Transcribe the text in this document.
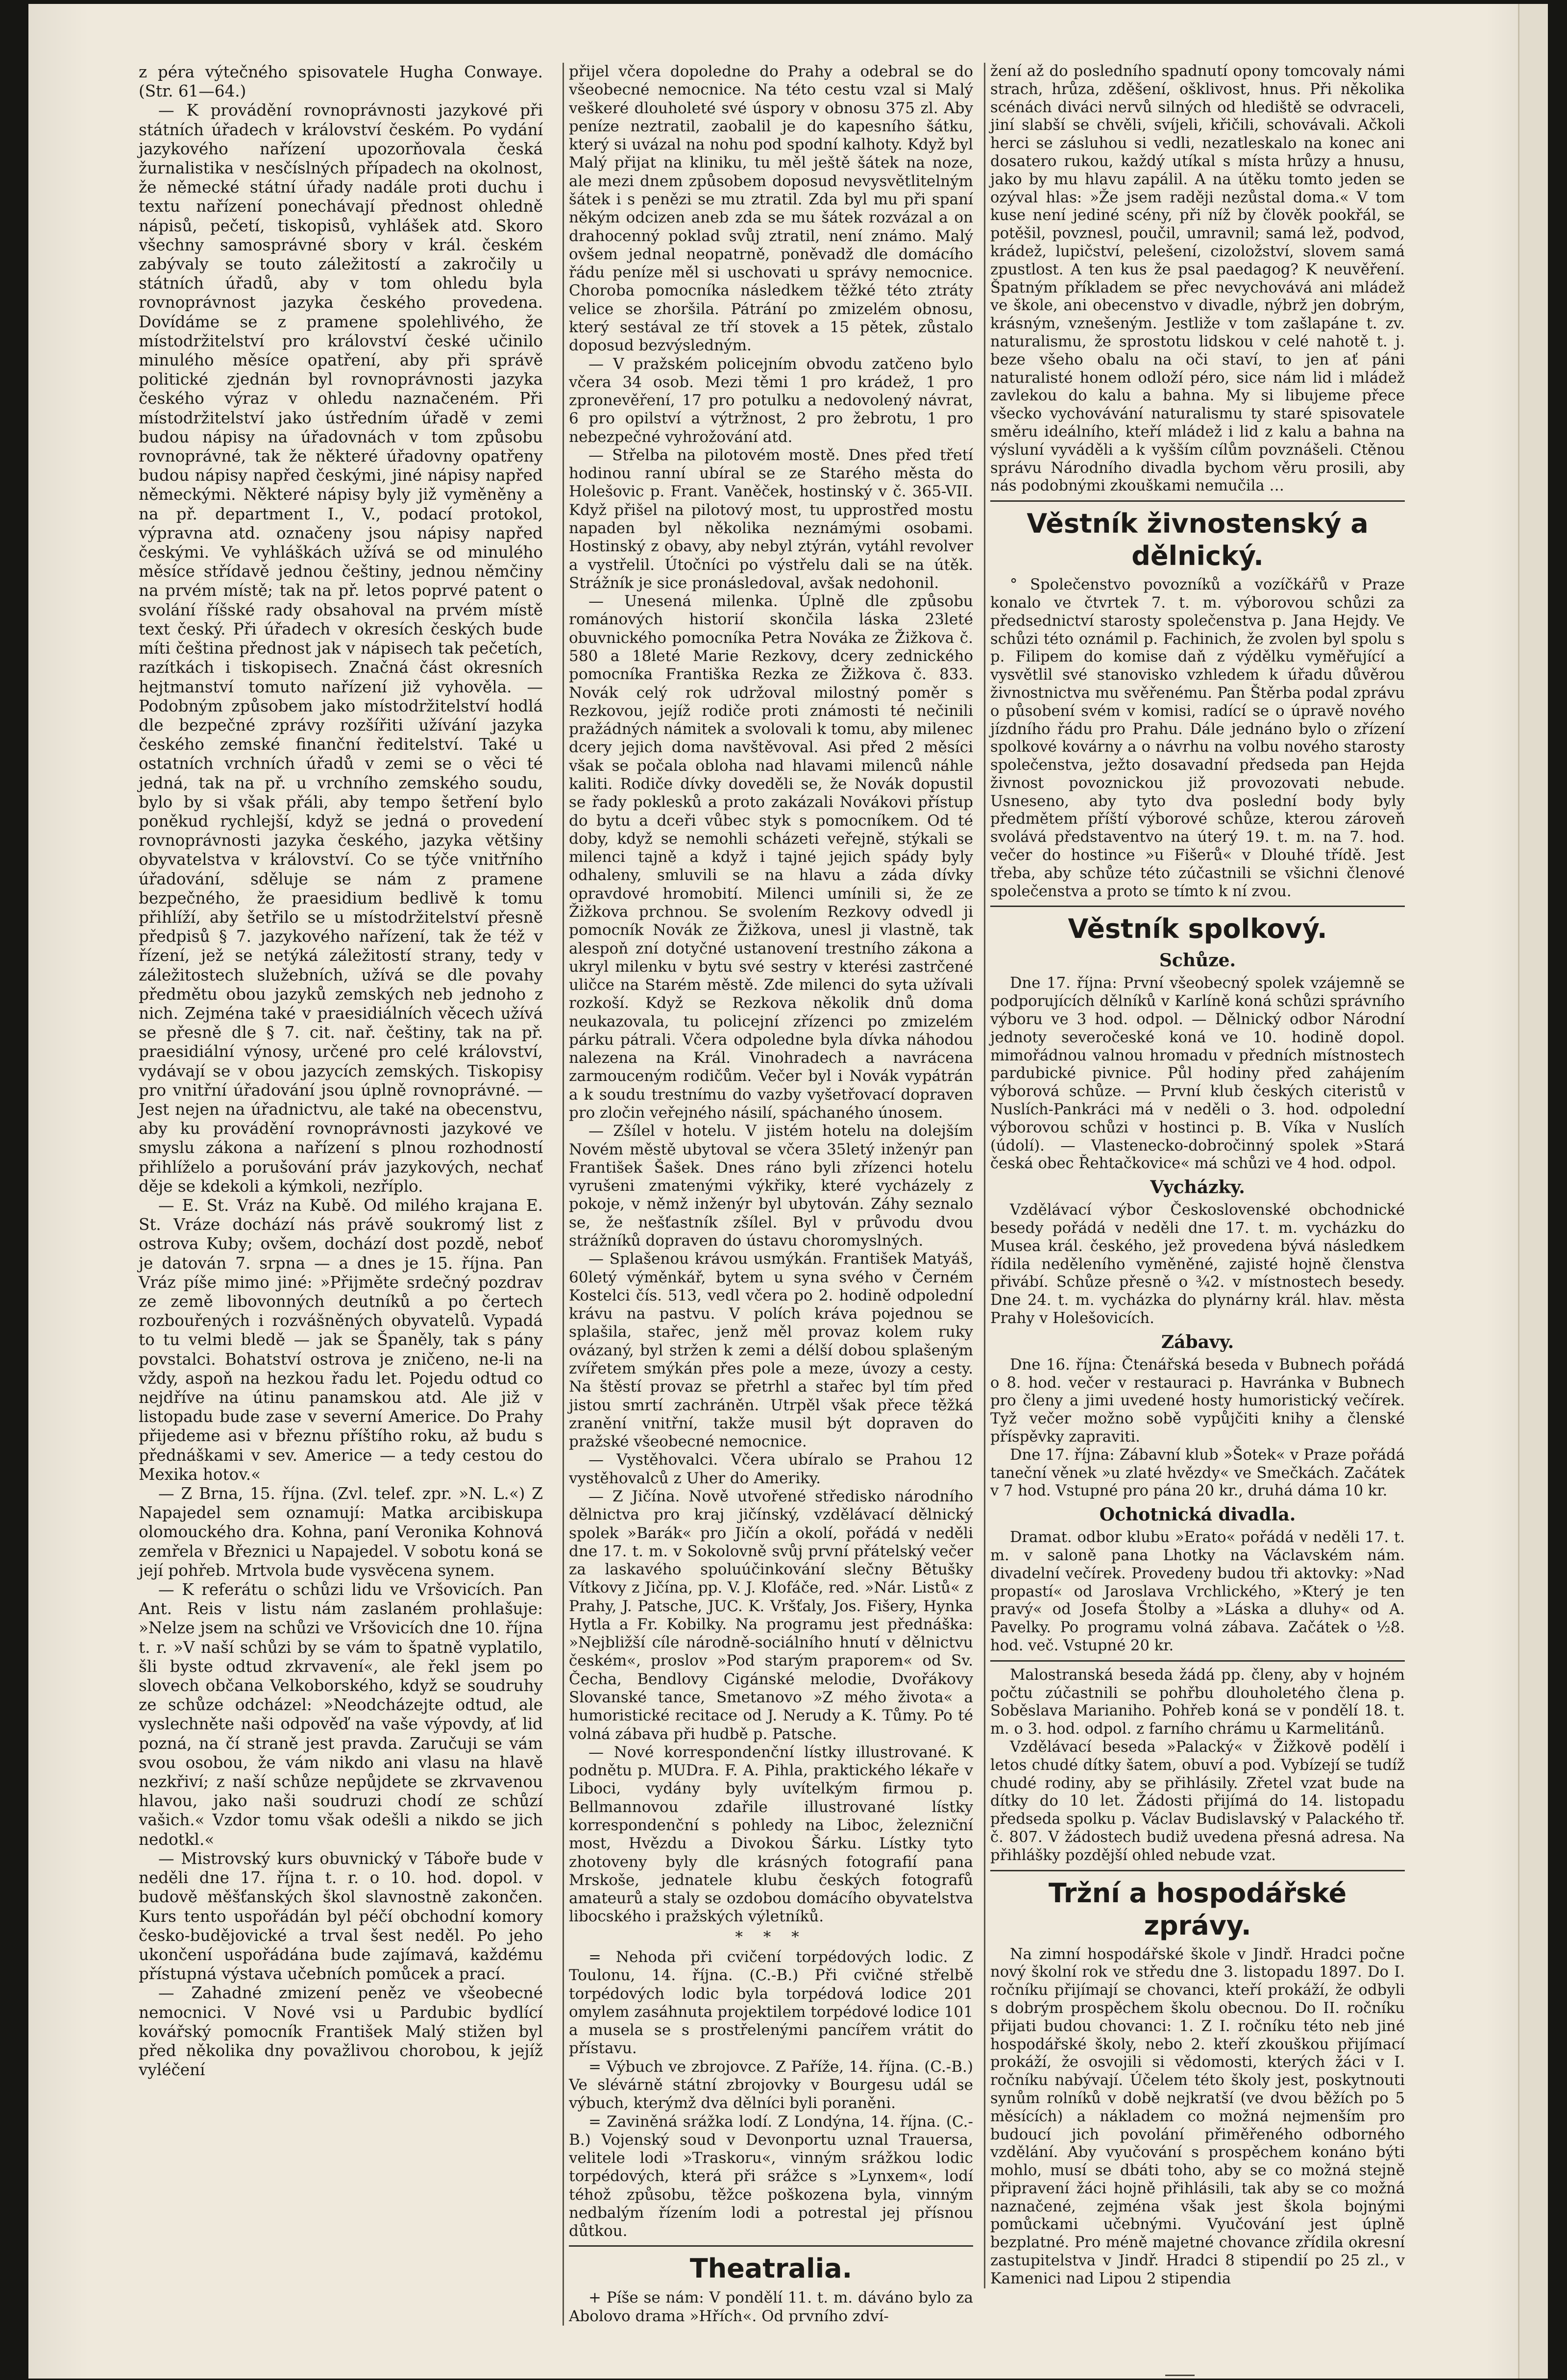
z péra výtečného spisovatele Hugha Conwaye. (Str. 61—64.)

— K provádění rovnoprávnosti jazykové při státních úřadech v království českém. Po vydání jazykového nařízení upozorňovala česká žurnalistika v nesčíslných případech na okolnost, že německé státní úřady nadále proti duchu i textu nařízení ponechávají přednost ohledně nápisů, pečetí, tiskopisů, vyhlášek atd. Skoro všechny samosprávné sbory v král. českém zabývaly se touto záležitostí a zakročily u státních úřadů, aby v tom ohledu byla rovnoprávnost jazyka českého provedena. Dovídáme se z pramene spolehlivého, že místodržitelství pro království české učinilo minulého měsíce opatření, aby při správě politické zjednán byl rovnoprávnosti jazyka českého výraz v ohledu naznačeném. Při místodržitelství jako ústředním úřadě v zemi budou nápisy na úřadovnách v tom způsobu rovnoprávné, tak že některé úřadovny opatřeny budou nápisy napřed českými, jiné nápisy napřed německými. Některé nápisy byly již vyměněny a na př. department I., V., podací protokol, výpravna atd. označeny jsou nápisy napřed českými. Ve vyhláškách užívá se od minulého měsíce střídavě jednou češtiny, jednou němčiny na prvém místě; tak na př. letos poprvé patent o svolání říšské rady obsahoval na prvém místě text český. Při úřadech v okresích českých bude míti čeština přednost jak v nápisech tak pečetích, razítkách i tiskopisech. Značná část okresních hejtmanství tomuto nařízení již vyhověla. — Podobným způsobem jako místodržitelství hodlá dle bezpečné zprávy rozšířiti užívání jazyka českého zemské finanční ředitelství. Také u ostatních vrchních úřadů v zemi se o věci té jedná, tak na př. u vrchního zemského soudu, bylo by si však přáli, aby tempo šetření bylo poněkud rychlejší, když se jedná o provedení rovnoprávnosti jazyka českého, jazyka většiny obyvatelstva v království. Co se týče vnitřního úřadování, sděluje se nám z pramene bezpečného, že praesidium bedlivě k tomu přihlíží, aby šetřilo se u místodržitelství přesně předpisů § 7. jazykového nařízení, tak že též v řízení, jež se netýká záležitostí strany, tedy v záležitostech služebních, užívá se dle povahy předmětu obou jazyků zemských neb jednoho z nich. Zejména také v praesidiálních věcech užívá se přesně dle § 7. cit. nař. češtiny, tak na př. praesidiální výnosy, určené pro celé království, vydávají se v obou jazycích zemských. Tiskopisy pro vnitřní úřadování jsou úplně rovnoprávné. — Jest nejen na úřadnictvu, ale také na obecenstvu, aby ku provádění rovnoprávnosti jazykové ve smyslu zákona a nařízení s plnou rozhodností přihlíželo a porušování práv jazykových, nechať děje se kdekoli a kýmkoli, nezříplo.

— E. St. Vráz na Kubě. Od milého krajana E. St. Vráze dochází nás právě soukromý list z ostrova Kuby; ovšem, dochází dost pozdě, neboť je datován 7. srpna — a dnes je 15. října. Pan Vráz píše mimo jiné: »Přijměte srdečný pozdrav ze země libovonných deutníků a po čertech rozbouřených i rozvášněných obyvatelů. Vypadá to tu velmi bledě — jak se Španěly, tak s pány povstalci. Bohatství ostrova je zničeno, ne-li na vždy, aspoň na hezkou řadu let. Pojedu odtud co nejdříve na útinu panamskou atd. Ale již v listopadu bude zase v severní Americe. Do Prahy přijedeme asi v březnu příštího roku, až budu s přednáškami v sev. Americe — a tedy cestou do Mexika hotov.«

— Z Brna, 15. října. (Zvl. telef. zpr. »N. L.«) Z Napajedel sem oznamují: Matka arcibiskupa olomouckého dra. Kohna, paní Veronika Kohnová zemřela v Březnici u Napajedel. V sobotu koná se její pohřeb. Mrtvola bude vysvěcena synem.

— K referátu o schůzi lidu ve Vršovicích. Pan Ant. Reis v listu nám zaslaném prohlašuje: »Nelze jsem na schůzi ve Vršovicích dne 10. října t. r. »V naší schůzi by se vám to špatně vyplatilo, šli byste odtud zkrvavení«, ale řekl jsem po slovech občana Velkoborského, když se soudruhy ze schůze odcházel: »Neodcházejte odtud, ale vyslechněte naši odpověď na vaše výpovdy, ať lid pozná, na čí straně jest pravda. Zaručuji se vám svou osobou, že vám nikdo ani vlasu na hlavě nezkřiví; z naší schůze nepůjdete se zkrvavenou hlavou, jako naši soudruzi chodí ze schůzí vašich.« Vzdor tomu však odešli a nikdo se jich nedotkl.«

— Mistrovský kurs obuvnický v Táboře bude v neděli dne 17. října t. r. o 10. hod. dopol. v budově měšťanských škol slavnostně zakončen. Kurs tento uspořádán byl péčí obchodní komory česko-budějovické a trval šest neděl. Po jeho ukončení uspořádána bude zajímavá, každému přístupná výstava učebních pomůcek a prací.

— Zahadné zmizení peněz ve všeobecné nemocnici. V Nové vsi u Pardubic bydlící kovářský pomocník František Malý stižen byl před několika dny považlivou chorobou, k jejíž vyléčení

přijel včera dopoledne do Prahy a odebral se do všeobecné nemocnice. Na této cestu vzal si Malý veškeré dlouholeté své úspory v obnosu 375 zl. Aby peníze neztratil, zaobalil je do kapesního šátku, který si uvázal na nohu pod spodní kalhoty. Když byl Malý přijat na kliniku, tu měl ještě šátek na noze, ale mezi dnem způsobem doposud nevysvětlitelným šátek i s penězi se mu ztratil. Zda byl mu při spaní někým odcizen aneb zda se mu šátek rozvázal a on drahocenný poklad svůj ztratil, není známo. Malý ovšem jednal neopatrně, poněvadž dle domácího řádu peníze měl si uschovati u správy nemocnice. Choroba pomocníka následkem těžké této ztráty velice se zhoršila. Pátrání po zmizelém obnosu, který sestával ze tří stovek a 15 pětek, zůstalo doposud bezvýsledným.

— V pražském policejním obvodu zatčeno bylo včera 34 osob. Mezi těmi 1 pro krádež, 1 pro zpronevěření, 17 pro potulku a nedovolený návrat, 6 pro opilství a výtržnost, 2 pro žebrotu, 1 pro nebezpečné vyhrožování atd.

— Střelba na pilotovém mostě. Dnes před třetí hodinou ranní ubíral se ze Starého města do Holešovic p. Frant. Vaněček, hostinský v č. 365-VII. Když přišel na pilotový most, tu upprostřed mostu napaden byl několika neznámými osobami. Hostinský z obavy, aby nebyl ztýrán, vytáhl revolver a vystřelil. Útočníci po výstřelu dali se na útěk. Strážník je sice pronásledoval, avšak nedohonil.

— Unesená milenka. Úplně dle způsobu románových historií skončila láska 23leté obuvnického pomocníka Petra Nováka ze Žižkova č. 580 a 18leté Marie Rezkovy, dcery zednického pomocníka Františka Rezka ze Žižkova č. 833. Novák celý rok udržoval milostný poměr s Rezkovou, jejíž rodiče proti známosti té nečinili pražádných námitek a svolovali k tomu, aby milenec dcery jejich doma navštěvoval. Asi před 2 měsíci však se počala obloha nad hlavami milenců náhle kaliti. Rodiče dívky doveděli se, že Novák dopustil se řady poklesků a proto zakázali Novákovi přístup do bytu a dceři vůbec styk s pomocníkem. Od té doby, když se nemohli scházeti veřejně, stýkali se milenci tajně a když i tajné jejich spády byly odhaleny, smluvili se na hlavu a záda dívky opravdové hromobití. Milenci umínili si, že ze Žižkova prchnou. Se svolením Rezkovy odvedl ji pomocník Novák ze Žižkova, unesl ji vlastně, tak alespoň zní dotyčné ustanovení trestního zákona a ukryl milenku v bytu své sestry v kterési zastrčené uličce na Starém městě. Zde milenci do syta užívali rozkoší. Když se Rezkova několik dnů doma neukazovala, tu policejní zřízenci po zmizelém párku pátrali. Včera odpoledne byla dívka náhodou nalezena na Král. Vinohradech a navrácena zarmouceným rodičům. Večer byl i Novák vypátrán a k soudu trestnímu do vazby vyšetřovací dopraven pro zločin veřejného násilí, spáchaného únosem.

— Zšílel v hotelu. V jistém hotelu na dolejším Novém městě ubytoval se včera 35letý inženýr pan František Šašek. Dnes ráno byli zřízenci hotelu vyrušeni zmatenými výkřiky, které vycházely z pokoje, v němž inženýr byl ubytován. Záhy seznalo se, že nešťastník zšílel. Byl v průvodu dvou strážníků dopraven do ústavu choromyslných.

— Splašenou krávou usmýkán. František Matyáš, 60letý výměnkář, bytem u syna svého v Černém Kostelci čís. 513, vedl včera po 2. hodině odpolední krávu na pastvu. V polích kráva pojednou se splašila, stařec, jenž měl provaz kolem ruky ovázaný, byl stržen k zemi a délší dobou splašeným zvířetem smýkán přes pole a meze, úvozy a cesty. Na štěstí provaz se přetrhl a stařec byl tím před jistou smrtí zachráněn. Utrpěl však přece těžká zranění vnitřní, takže musil být dopraven do pražské všeobecné nemocnice.

— Vystěhovalci. Včera ubíralo se Prahou 12 vystěhovalců z Uher do Ameriky.

— Z Jičína. Nově utvořené středisko národního dělnictva pro kraj jičínský, vzdělávací dělnický spolek »Barák« pro Jičín a okolí, pořádá v neděli dne 17. t. m. v Sokolovně svůj první přátelský večer za laskavého spoluúčinkování slečny Bětušky Vítkovy z Jičína, pp. V. J. Klofáče, red. »Nár. Listů« z Prahy, J. Patsche, JUC. K. Vršťaly, Jos. Fišery, Hynka Hytla a Fr. Kobilky. Na programu jest přednáška: »Nejbližší cíle národně-sociálního hnutí v dělnictvu českém«, proslov »Pod starým praporem« od Sv. Čecha, Bendlovy Cigánské melodie, Dvořákovy Slovanské tance, Smetanovo »Z mého života« a humoristické recitace od J. Nerudy a K. Tůmy. Po té volná zábava při hudbě p. Patsche.

— Nové korrespondenční lístky illustrované. K podnětu p. MUDra. F. A. Pihla, praktického lékaře v Liboci, vydány byly uvítelkým firmou p. Bellmannovou zdařile illustrované lístky korrespondenční s pohledy na Liboc, železniční most, Hvězdu a Divokou Šárku. Lístky tyto zhotoveny byly dle krásných fotografií pana Mrskoše, jednatele klubu českých fotografů amateurů a staly se ozdobou domácího obyvatelstva libocského i pražských výletníků.

* * *

= Nehoda při cvičení torpédových lodic. Z Toulonu, 14. října. (C.-B.) Při cvičné střelbě torpédových lodic byla torpédová lodice 201 omylem zasáhnuta projektilem torpédové lodice 101 a musela se s prostřelenými pancířem vrátit do přístavu.

= Výbuch ve zbrojovce. Z Paříže, 14. října. (C.-B.) Ve slévárně státní zbrojovky v Bourgesu udál se výbuch, kterýmž dva dělníci byli poraněni.

= Zaviněná srážka lodí. Z Londýna, 14. října. (C.-B.) Vojenský soud v Devonportu uznal Trauersa, velitele lodi »Traskoru«, vinným srážkou lodic torpédových, která při srážce s »Lynxem«, lodí téhož způsobu, těžce poškozena byla, vinným nedbalým řízením lodi a potrestal jej přísnou důtkou.

Theatralia.

+ Píše se nám: V pondělí 11. t. m. dáváno bylo za Abolovo drama »Hřích«. Od prvního zdví-

žení až do posledního spadnutí opony tomcovaly námi strach, hrůza, zděšení, ošklivost, hnus. Při několika scénách diváci nervů silných od hlediště se odvraceli, jiní slabší se chvěli, svíjeli, křičili, schovávali. Ačkoli herci se zásluhou si vedli, nezatleskalo na konec ani dosatero rukou, každý utíkal s místa hrůzy a hnusu, jako by mu hlavu zapálil. A na útěku tomto jeden se ozýval hlas: »Že jsem raději nezůstal doma.« V tom kuse není jediné scény, při níž by člověk pookřál, se potěšil, povznesl, poučil, umravnil; samá lež, podvod, krádež, lupičství, pelešení, cizoložství, slovem samá zpustlost. A ten kus že psal paedagog? K neuvěření. Špatným příkladem se přec nevychovává ani mládež ve škole, ani obecenstvo v divadle, nýbrž jen dobrým, krásným, vznešeným. Jestliže v tom zašlapáne t. zv. naturalismu, že sprostotu lidskou v celé nahotě t. j. beze všeho obalu na oči staví, to jen ať páni naturalisté honem odloží péro, sice nám lid i mládež zavlekou do kalu a bahna. My si libujeme přece všecko vychovávání naturalismu ty staré spisovatele směru ideálního, kteří mládež i lid z kalu a bahna na výsluní vyváděli a k vyšším cílům povznášeli. Ctěnou správu Národního divadla bychom věru prosili, aby nás podobnými zkouškami nemučila …

Věstník živnostenský a dělnický.

° Společenstvo povozníků a vozíčkářů v Praze konalo ve čtvrtek 7. t. m. výborovou schůzi za předsednictví starosty společenstva p. Jana Hejdy. Ve schůzi této oznámil p. Fachinich, že zvolen byl spolu s p. Filipem do komise daň z výdělku vyměřující a vysvětlil své stanovisko vzhledem k úřadu důvěrou živnostnictva mu svěřenému. Pan Štěrba podal zprávu o působení svém v komisi, radící se o úpravě nového jízdního řádu pro Prahu. Dále jednáno bylo o zřízení spolkové kovárny a o návrhu na volbu nového starosty společenstva, ježto dosavadní předseda pan Hejda živnost povoznickou již provozovati nebude. Usneseno, aby tyto dva poslední body byly předmětem příští výborové schůze, kterou zároveň svolává představentvo na úterý 19. t. m. na 7. hod. večer do hostince »u Fišerů« v Dlouhé třídě. Jest třeba, aby schůze této zúčastnili se všichni členové společenstva a proto se tímto k ní zvou.

Věstník spolkový.
Schůze.

Dne 17. října: První všeobecný spolek vzájemně se podporujících dělníků v Karlíně koná schůzi správního výboru ve 3 hod. odpol. — Dělnický odbor Národní jednoty severočeské koná ve 10. hodině dopol. mimořádnou valnou hromadu v předních místnostech pardubické pivnice. Půl hodiny před zahájením výborová schůze. — První klub českých citeristů v Nuslích-Pankráci má v neděli o 3. hod. odpolední výborovou schůzi v hostinci p. B. Víka v Nuslích (údolí). — Vlastenecko-dobročinný spolek »Stará česká obec Řehtačkovice« má schůzi ve 4 hod. odpol.

Vycházky.

Vzdělávací výbor Československé obchodnické besedy pořádá v neděli dne 17. t. m. vycházku do Musea král. českého, jež provedena bývá následkem řídila neděleního vyměněné, zajisté hojně členstva přivábí. Schůze přesně o ¾2. v místnostech besedy. Dne 24. t. m. vycházka do plynárny král. hlav. města Prahy v Holešovicích.

Zábavy.

Dne 16. října: Čtenářská beseda v Bubnech pořádá o 8. hod. večer v restauraci p. Havránka v Bubnech pro členy a jimi uvedené hosty humoristický večírek. Tyž večer možno sobě vypůjčiti knihy a členské příspěvky zapraviti.

Dne 17. října: Zábavní klub »Šotek« v Praze pořádá taneční věnek »u zlaté hvězdy« ve Smečkách. Začátek v 7 hod. Vstupné pro pána 20 kr., druhá dáma 10 kr.

Ochotnická divadla.

Dramat. odbor klubu »Erato« pořádá v neděli 17. t. m. v saloně pana Lhotky na Václavském nám. divadelní večírek. Provedeny budou tři aktovky: »Nad propastí« od Jaroslava Vrchlického, »Který je ten pravý« od Josefa Štolby a »Láska a dluhy« od A. Pavelky. Po programu volná zábava. Začátek o ½8. hod. več. Vstupné 20 kr.

Malostranská beseda žádá pp. členy, aby v hojném počtu zúčastnili se pohřbu dlouholetého člena p. Soběslava Marianiho. Pohřeb koná se v pondělí 18. t. m. o 3. hod. odpol. z farního chrámu u Karmelitánů.

Vzdělávací beseda »Palacký« v Žižkově podělí i letos chudé dítky šatem, obuví a pod. Vybízejí se tudíž chudé rodiny, aby se přihlásily. Zřetel vzat bude na dítky do 10 let. Žádosti přijímá do 14. listopadu předseda spolku p. Václav Budislavský v Palackého tř. č. 807. V žádostech budiž uvedena přesná adresa. Na přihlášky pozdější ohled nebude vzat.

Tržní a hospodářské zprávy.

Na zimní hospodářské škole v Jindř. Hradci počne nový školní rok ve středu dne 3. listopadu 1897. Do I. ročníku přijímají se chovanci, kteří prokáží, že odbyli s dobrým prospěchem školu obecnou. Do II. ročníku přijati budou chovanci: 1. Z I. ročníku této neb jiné hospodářské školy, nebo 2. kteří zkouškou přijímací prokáží, že osvojili si vědomosti, kterých žáci v I. ročníku nabývají. Účelem této školy jest, poskytnouti synům rolníků v době nejkratší (ve dvou běžích po 5 měsících) a nákladem co možná nejmenším pro budoucí jich povolání přiměřeného odborného vzdělání. Aby vyučování s prospěchem konáno býti mohlo, musí se dbáti toho, aby se co možná stejně připravení žáci hojně přihlásili, tak aby se co možná naznačené, zejména však jest škola bojnými pomůckami učebnými. Vyučování jest úplně bezplatné. Pro méně majetné chovance zřídila okresní zastupitelstva v Jindř. Hradci 8 stipendií po 25 zl., v Kamenici nad Lipou 2 stipendia
